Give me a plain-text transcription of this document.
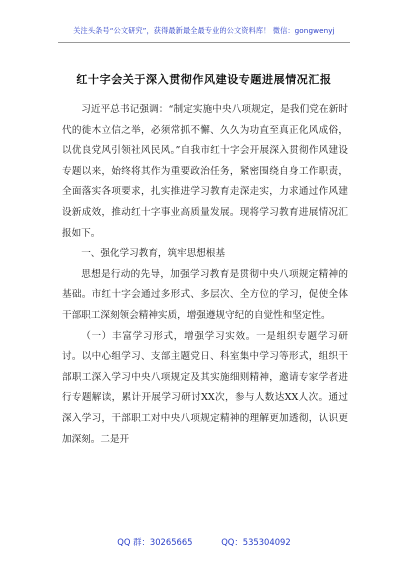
关注头条号“公文研究”，获得最新最全最专业的公文资料库！ 微信：gongwenyj
红十字会关于深入贯彻作风建设专题进展情况汇报

习近平总书记强调：“制定实施中央八项规定，是我们党在新时代的徙木立信之举，必须常抓不懈、久久为功直至真正化风成俗，以优良党风引领社风民风。”自我市红十字会开展深入贯彻作风建设专题以来，始终将其作为重要政治任务，紧密围绕自身工作职责，全面落实各项要求，扎实推进学习教育走深走实，力求通过作风建设新成效，推动红十字事业高质量发展。现将学习教育进展情况汇报如下。

一、强化学习教育，筑牢思想根基

思想是行动的先导，加强学习教育是贯彻中央八项规定精神的基础。市红十字会通过多形式、多层次、全方位的学习，促使全体干部职工深刻领会精神实质，增强遵规守纪的自觉性和坚定性。

（一）丰富学习形式，增强学习实效。一是组织专题学习研讨。以中心组学习、支部主题党日、科室集中学习等形式，组织干部职工深入学习中央八项规定及其实施细则精神，邀请专家学者进行专题解读，累计开展学习研讨XX次，参与人数达XX人次。通过深入学习，干部职工对中央八项规定精神的理解更加透彻，认识更加深刻。二是开

QQ 群：30265665	QQ：535304092
